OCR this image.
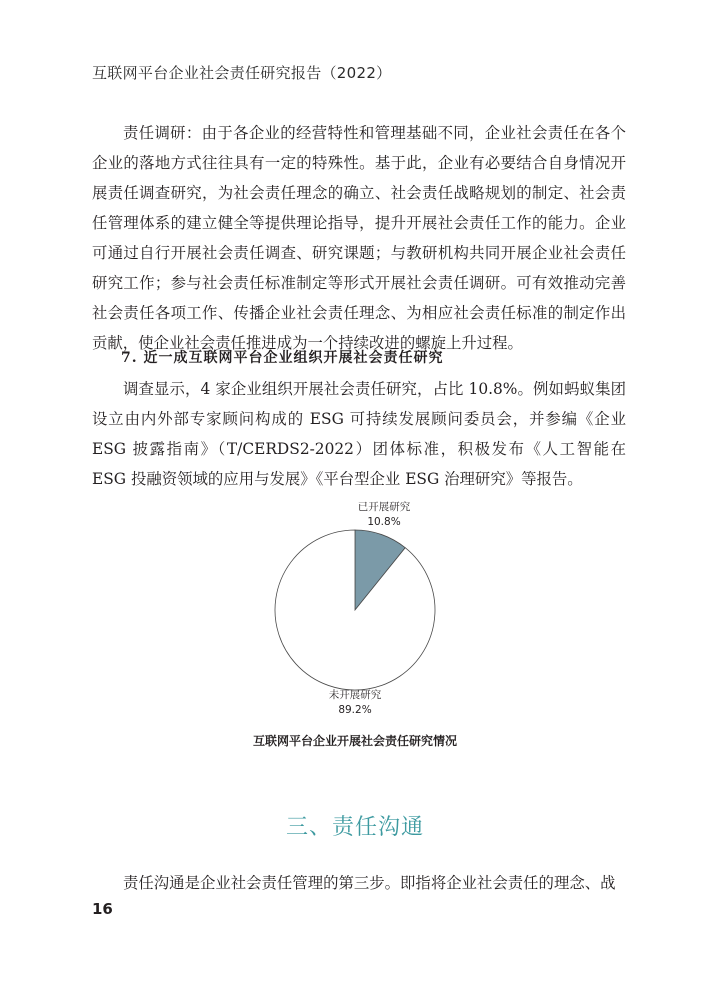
互联网平台企业社会责任研究报告（2022）
责任调研：由于各企业的经营特性和管理基础不同，企业社会责任在各个企业的落地方式往往具有一定的特殊性。基于此，企业有必要结合自身情况开展责任调查研究，为社会责任理念的确立、社会责任战略规划的制定、社会责任管理体系的建立健全等提供理论指导，提升开展社会责任工作的能力。企业可通过自行开展社会责任调查、研究课题；与教研机构共同开展企业社会责任研究工作；参与社会责任标准制定等形式开展社会责任调研。可有效推动完善社会责任各项工作、传播企业社会责任理念、为相应社会责任标准的制定作出贡献，使企业社会责任推进成为一个持续改进的螺旋上升过程。
7. 近一成互联网平台企业组织开展社会责任研究
调查显示，4 家企业组织开展社会责任研究，占比 10.8%。例如蚂蚁集团设立由内外部专家顾问构成的 ESG 可持续发展顾问委员会，并参编《企业 ESG 披露指南》（T/CERDS2-2022）团体标准，积极发布《人工智能在 ESG 投融资领域的应用与发展》《平台型企业 ESG 治理研究》等报告。
已开展研究
10.8%
未开展研究
89.2%
互联网平台企业开展社会责任研究情况
三、责任沟通
责任沟通是企业社会责任管理的第三步。即指将企业社会责任的理念、战
16
